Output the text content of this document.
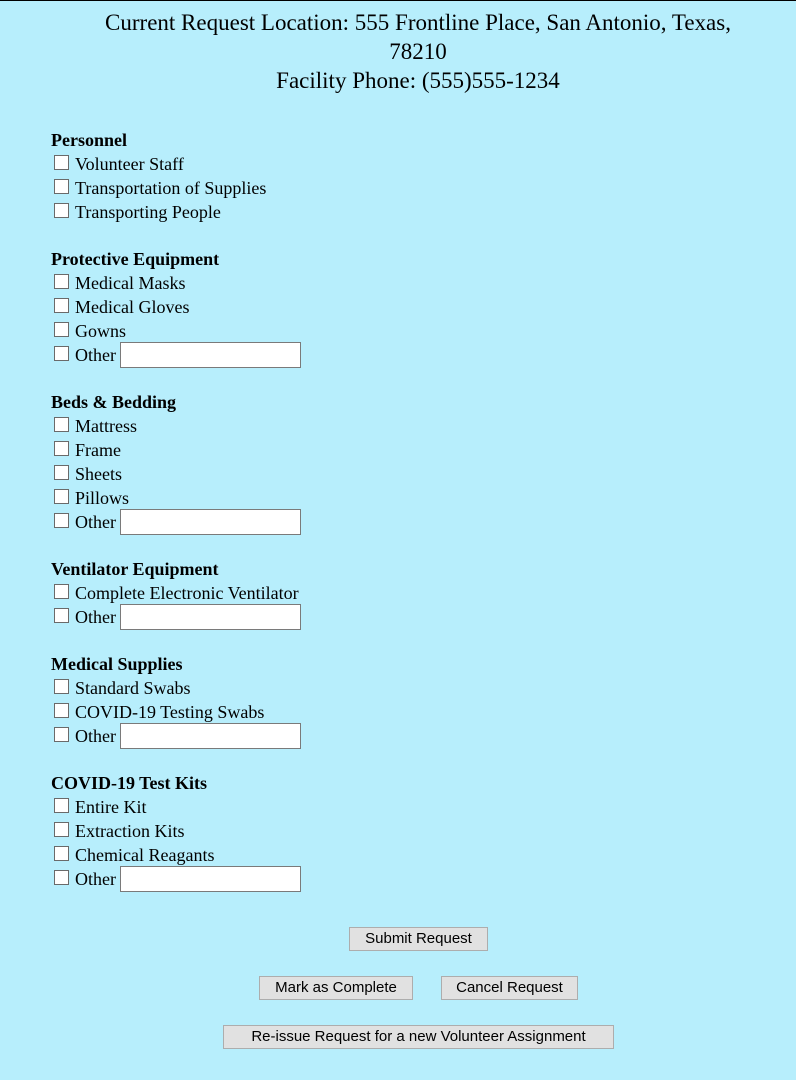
Current Request Location: 555 Frontline Place, San Antonio, Texas,
78210
Facility Phone: (555)555-1234
Personnel
Volunteer Staff
Transportation of Supplies
Transporting People
Protective Equipment
Medical Masks
Medical Gloves
Gowns
Other
Beds & Bedding
Mattress
Frame
Sheets
Pillows
Other
Ventilator Equipment
Complete Electronic Ventilator
Other
Medical Supplies
Standard Swabs
COVID-19 Testing Swabs
Other
COVID-19 Test Kits
Entire Kit
Extraction Kits
Chemical Reagants
Other
Submit Request
Mark as Complete	Cancel Request
Re-issue Request for a new Volunteer Assignment
